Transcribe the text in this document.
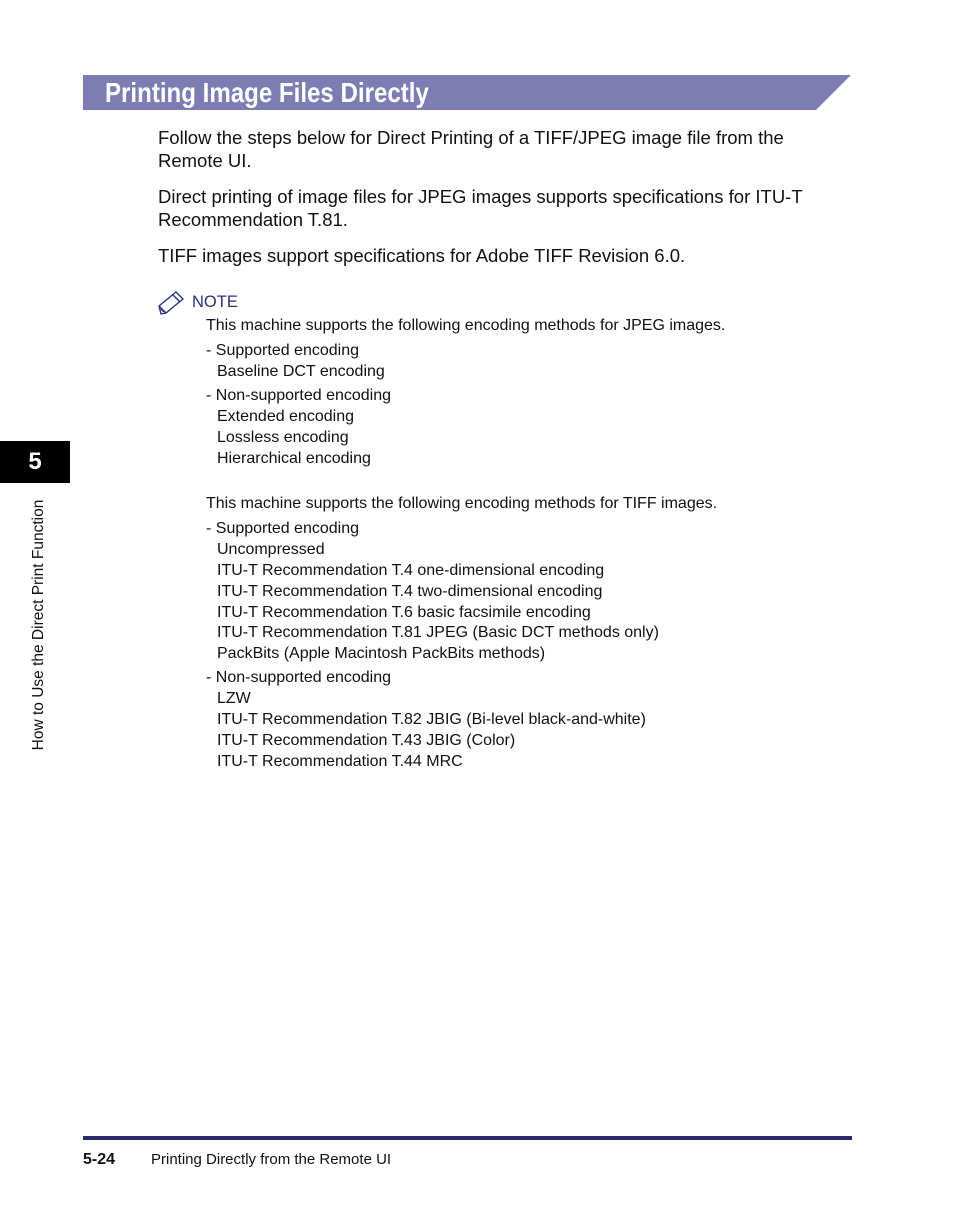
Printing Image Files Directly

Follow the steps below for Direct Printing of a TIFF/JPEG image file from the Remote UI.

Direct printing of image files for JPEG images supports specifications for ITU-T Recommendation T.81.

TIFF images support specifications for Adobe TIFF Revision 6.0.

NOTE
This machine supports the following encoding methods for JPEG images.
- Supported encoding
Baseline DCT encoding
- Non-supported encoding
Extended encoding
Lossless encoding
Hierarchical encoding
This machine supports the following encoding methods for TIFF images.
- Supported encoding
Uncompressed
ITU-T Recommendation T.4 one-dimensional encoding
ITU-T Recommendation T.4 two-dimensional encoding
ITU-T Recommendation T.6 basic facsimile encoding
ITU-T Recommendation T.81 JPEG (Basic DCT methods only)
PackBits (Apple Macintosh PackBits methods)
- Non-supported encoding
LZW
ITU-T Recommendation T.82 JBIG (Bi-level black-and-white)
ITU-T Recommendation T.43 JBIG (Color)
ITU-T Recommendation T.44 MRC
5
How to Use the Direct Print Function
5-24 Printing Directly from the Remote UI
